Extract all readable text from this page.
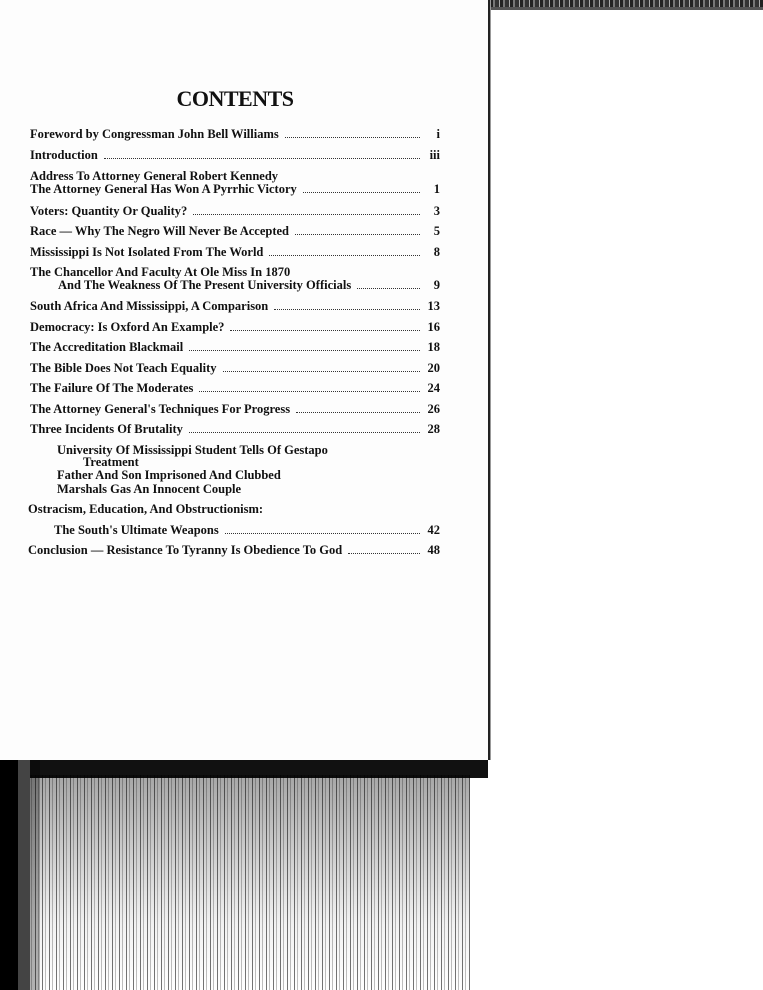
CONTENTS
Foreword by Congressman John Bell Williams	i
Introduction	iii
Address To Attorney General Robert Kennedy
The Attorney General Has Won A Pyrrhic Victory	1
Voters: Quantity Or Quality?	3
Race — Why The Negro Will Never Be Accepted	5
Mississippi Is Not Isolated From The World	8
The Chancellor And Faculty At Ole Miss In 1870
And The Weakness Of The Present University Officials	9
South Africa And Mississippi, A Comparison	13
Democracy: Is Oxford An Example?	16
The Accreditation Blackmail	18
The Bible Does Not Teach Equality	20
The Failure Of The Moderates	24
The Attorney General's Techniques For Progress	26
Three Incidents Of Brutality	28
University Of Mississippi Student Tells Of Gestapo
Treatment
Father And Son Imprisoned And Clubbed
Marshals Gas An Innocent Couple
Ostracism, Education, And Obstructionism:
The South's Ultimate Weapons	42
Conclusion — Resistance To Tyranny Is Obedience To God	48
